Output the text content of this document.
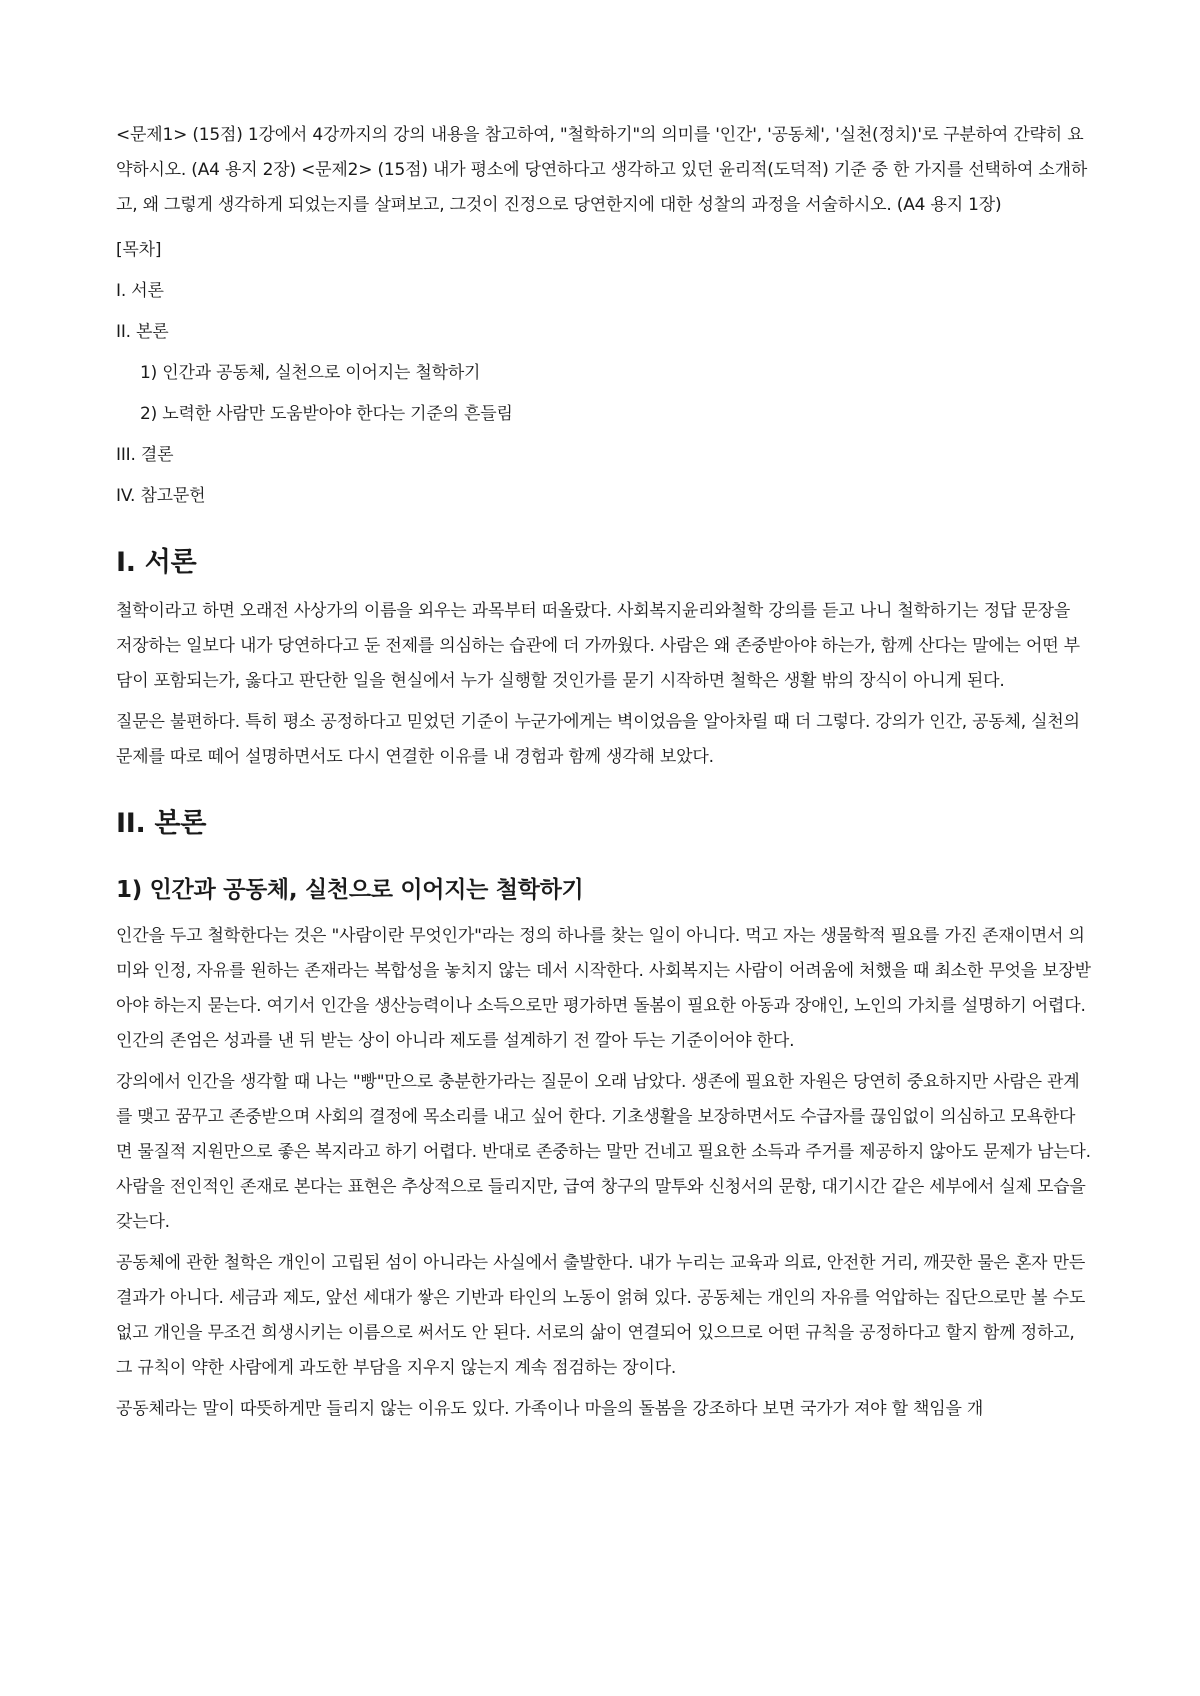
<문제1> (15점) 1강에서 4강까지의 강의 내용을 참고하여, "철학하기"의 의미를 '인간', '공동체', '실천(정치)'로 구분하여 간략히 요약하시오. (A4 용지 2장) <문제2> (15점) 내가 평소에 당연하다고 생각하고 있던 윤리적(도덕적) 기준 중 한 가지를 선택하여 소개하고, 왜 그렇게 생각하게 되었는지를 살펴보고, 그것이 진정으로 당연한지에 대한 성찰의 과정을 서술하시오. (A4 용지 1장)

[목차]

I. 서론

II. 본론

1) 인간과 공동체, 실천으로 이어지는 철학하기

2) 노력한 사람만 도움받아야 한다는 기준의 흔들림

III. 결론

IV. 참고문헌

I. 서론

철학이라고 하면 오래전 사상가의 이름을 외우는 과목부터 떠올랐다. 사회복지윤리와철학 강의를 듣고 나니 철학하기는 정답 문장을 저장하는 일보다 내가 당연하다고 둔 전제를 의심하는 습관에 더 가까웠다. 사람은 왜 존중받아야 하는가, 함께 산다는 말에는 어떤 부담이 포함되는가, 옳다고 판단한 일을 현실에서 누가 실행할 것인가를 묻기 시작하면 철학은 생활 밖의 장식이 아니게 된다.

질문은 불편하다. 특히 평소 공정하다고 믿었던 기준이 누군가에게는 벽이었음을 알아차릴 때 더 그렇다. 강의가 인간, 공동체, 실천의 문제를 따로 떼어 설명하면서도 다시 연결한 이유를 내 경험과 함께 생각해 보았다.

II. 본론
1) 인간과 공동체, 실천으로 이어지는 철학하기

인간을 두고 철학한다는 것은 "사람이란 무엇인가"라는 정의 하나를 찾는 일이 아니다. 먹고 자는 생물학적 필요를 가진 존재이면서 의미와 인정, 자유를 원하는 존재라는 복합성을 놓치지 않는 데서 시작한다. 사회복지는 사람이 어려움에 처했을 때 최소한 무엇을 보장받아야 하는지 묻는다. 여기서 인간을 생산능력이나 소득으로만 평가하면 돌봄이 필요한 아동과 장애인, 노인의 가치를 설명하기 어렵다. 인간의 존엄은 성과를 낸 뒤 받는 상이 아니라 제도를 설계하기 전 깔아 두는 기준이어야 한다.

강의에서 인간을 생각할 때 나는 "빵"만으로 충분한가라는 질문이 오래 남았다. 생존에 필요한 자원은 당연히 중요하지만 사람은 관계를 맺고 꿈꾸고 존중받으며 사회의 결정에 목소리를 내고 싶어 한다. 기초생활을 보장하면서도 수급자를 끊임없이 의심하고 모욕한다면 물질적 지원만으로 좋은 복지라고 하기 어렵다. 반대로 존중하는 말만 건네고 필요한 소득과 주거를 제공하지 않아도 문제가 남는다. 사람을 전인적인 존재로 본다는 표현은 추상적으로 들리지만, 급여 창구의 말투와 신청서의 문항, 대기시간 같은 세부에서 실제 모습을 갖는다.

공동체에 관한 철학은 개인이 고립된 섬이 아니라는 사실에서 출발한다. 내가 누리는 교육과 의료, 안전한 거리, 깨끗한 물은 혼자 만든 결과가 아니다. 세금과 제도, 앞선 세대가 쌓은 기반과 타인의 노동이 얽혀 있다. 공동체는 개인의 자유를 억압하는 집단으로만 볼 수도 없고 개인을 무조건 희생시키는 이름으로 써서도 안 된다. 서로의 삶이 연결되어 있으므로 어떤 규칙을 공정하다고 할지 함께 정하고, 그 규칙이 약한 사람에게 과도한 부담을 지우지 않는지 계속 점검하는 장이다.

공동체라는 말이 따뜻하게만 들리지 않는 이유도 있다. 가족이나 마을의 돌봄을 강조하다 보면 국가가 져야 할 책임을 개
